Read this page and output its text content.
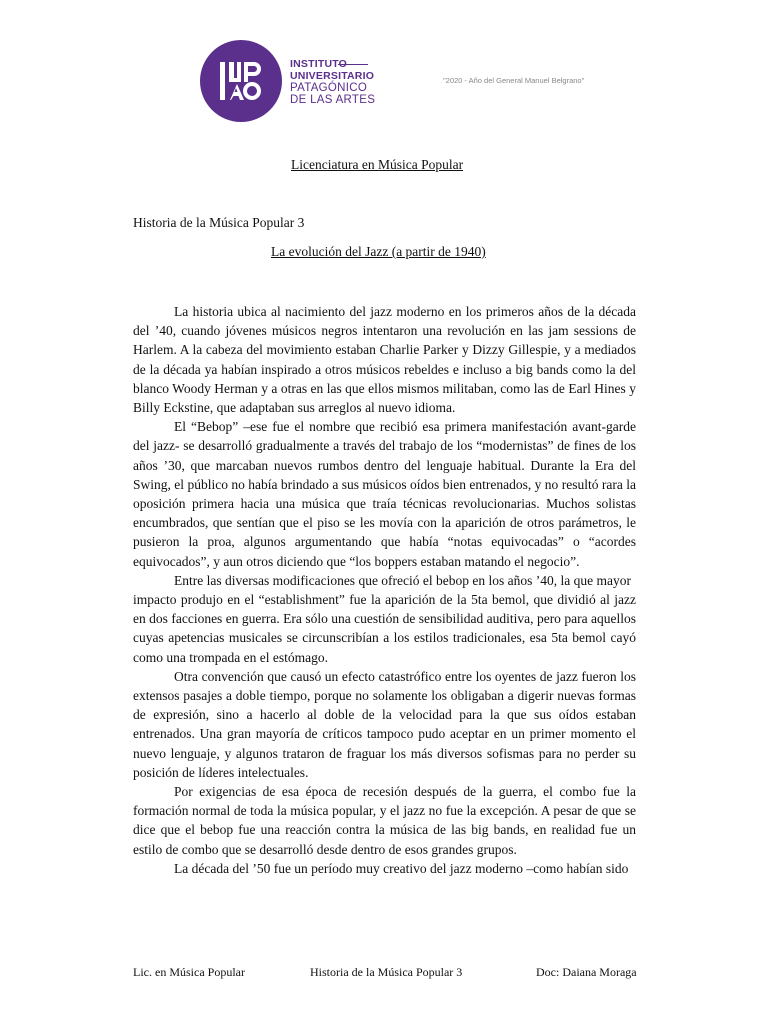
INSTITUTO
UNIVERSITARIO
PATAGÓNICO
DE LAS ARTES
"2020 - Año del General Manuel Belgrano"
Licenciatura en Música Popular
Historia de la Música Popular 3
La evolución del Jazz (a partir de 1940)

La historia ubica al nacimiento del jazz moderno en los primeros años de la década del ’40, cuando jóvenes músicos negros intentaron una revolución en las jam sessions de Harlem. A la cabeza del movimiento estaban Charlie Parker y Dizzy Gillespie, y a mediados de la década ya habían inspirado a otros músicos rebeldes e incluso a big bands como la del blanco Woody Herman y a otras en las que ellos mismos militaban, como las de Earl Hines y Billy Eckstine, que adaptaban sus arreglos al nuevo idioma.

El “Bebop” –ese fue el nombre que recibió esa primera manifestación avant-garde del jazz- se desarrolló gradualmente a través del trabajo de los “modernistas” de fines de los años ’30, que marcaban nuevos rumbos dentro del lenguaje habitual. Durante la Era del Swing, el público no había brindado a sus músicos oídos bien entrenados, y no resultó rara la oposición primera hacia una música que traía técnicas revolucionarias. Muchos solistas encumbrados, que sentían que el piso se les movía con la aparición de otros parámetros, le pusieron la proa, algunos argumentando que había “notas equivocadas” o “acordes equivocados”, y aun otros diciendo que “los boppers estaban matando el negocio”.

Entre las diversas modificaciones que ofreció el bebop en los años ’40, la que mayor

impacto produjo en el “establishment” fue la aparición de la 5ta bemol, que dividió al jazz en dos facciones en guerra. Era sólo una cuestión de sensibilidad auditiva, pero para aquellos cuyas apetencias musicales se circunscribían a los estilos tradicionales, esa 5ta bemol cayó como una trompada en el estómago.

Otra convención que causó un efecto catastrófico entre los oyentes de jazz fueron los extensos pasajes a doble tiempo, porque no solamente los obligaban a digerir nuevas formas de expresión, sino a hacerlo al doble de la velocidad para la que sus oídos estaban entrenados. Una gran mayoría de críticos tampoco pudo aceptar en un primer momento el nuevo lenguaje, y algunos trataron de fraguar los más diversos sofismas para no perder su posición de líderes intelectuales.

Por exigencias de esa época de recesión después de la guerra, el combo fue la formación normal de toda la música popular, y el jazz no fue la excepción. A pesar de que se dice que el bebop fue una reacción contra la música de las big bands, en realidad fue un estilo de combo que se desarrolló desde dentro de esos grandes grupos.

La década del ’50 fue un período muy creativo del jazz moderno –como habían sido

Lic. en Música Popular	Historia de la Música Popular 3	Doc: Daiana Moraga
